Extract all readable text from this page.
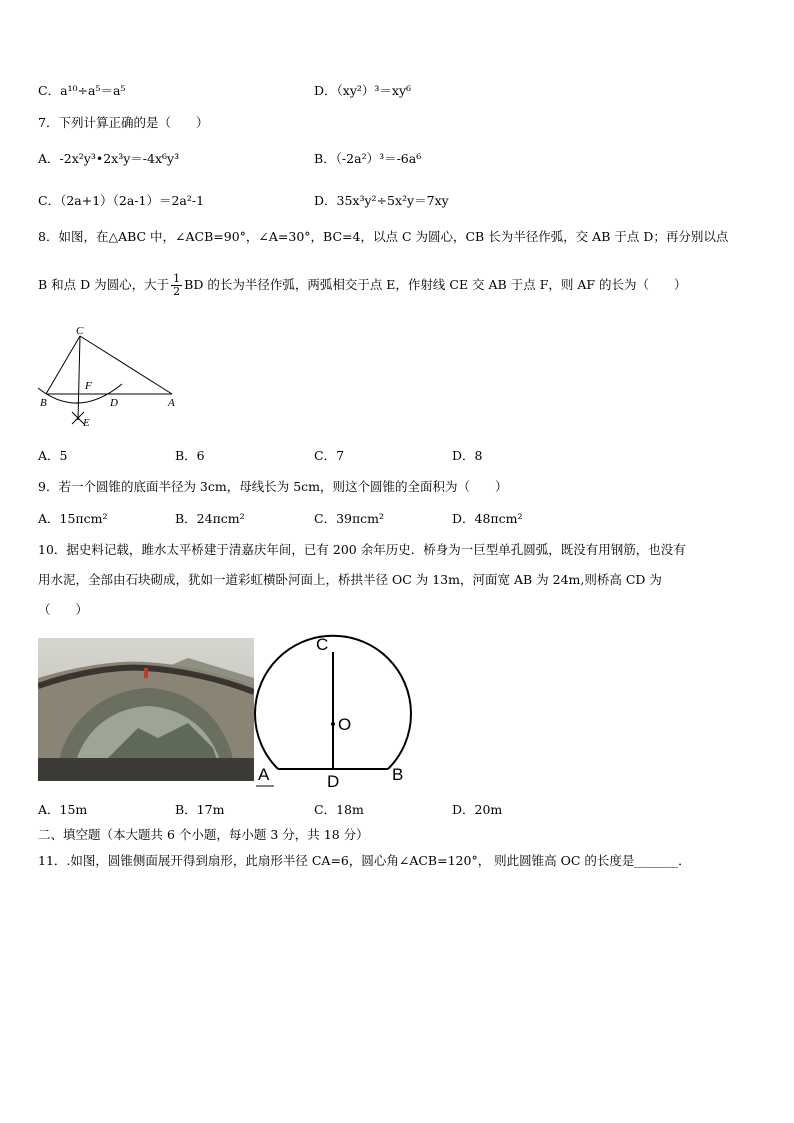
C．a¹⁰÷a⁵＝a⁵	D．（xy²）³＝xy⁶
7．下列计算正确的是（　　）
A．-2x²y³•2x³y＝-4x⁶y³	B．（-2a²）³＝-6a⁶
C．（2a+1）（2a-1）＝2a²-1	D．35x³y²÷5x²y＝7xy
8．如图，在△ABC 中，∠ACB=90°，∠A=30°，BC=4，以点 C 为圆心，CB 长为半径作弧，交 AB 于点 D；再分别以点
B 和点 D 为圆心，大于 $\frac{1}{2}$ BD 的长为半径作弧，两弧相交于点 E，作射线 CE 交 AB 于点 F，则 AF 的长为（　　）
C
F
B	D	A
E
A．5	B．6	C．7	D．8
9．若一个圆锥的底面半径为 3cm，母线长为 5cm，则这个圆锥的全面积为（　　）
A．15πcm²	B．24πcm²	C．39πcm²	D．48πcm²
10．据史料记载，雎水太平桥建于清嘉庆年间，已有 200 余年历史．桥身为一巨型单孔圆弧，既没有用钢筋，也没有
用水泥，全部由石块砌成，犹如一道彩虹横卧河面上，桥拱半径 OC 为 13m，河面宽 AB 为 24m,则桥高 CD 为
（　　）
C
O
A	D	B
A．15m	B．17m	C．18m	D．20m
二、填空题（本大题共 6 个小题，每小题 3 分，共 18 分）
11．.如图，圆锥侧面展开得到扇形，此扇形半径 CA=6，圆心角∠ACB=120°， 则此圆锥高 OC 的长度是_______．
